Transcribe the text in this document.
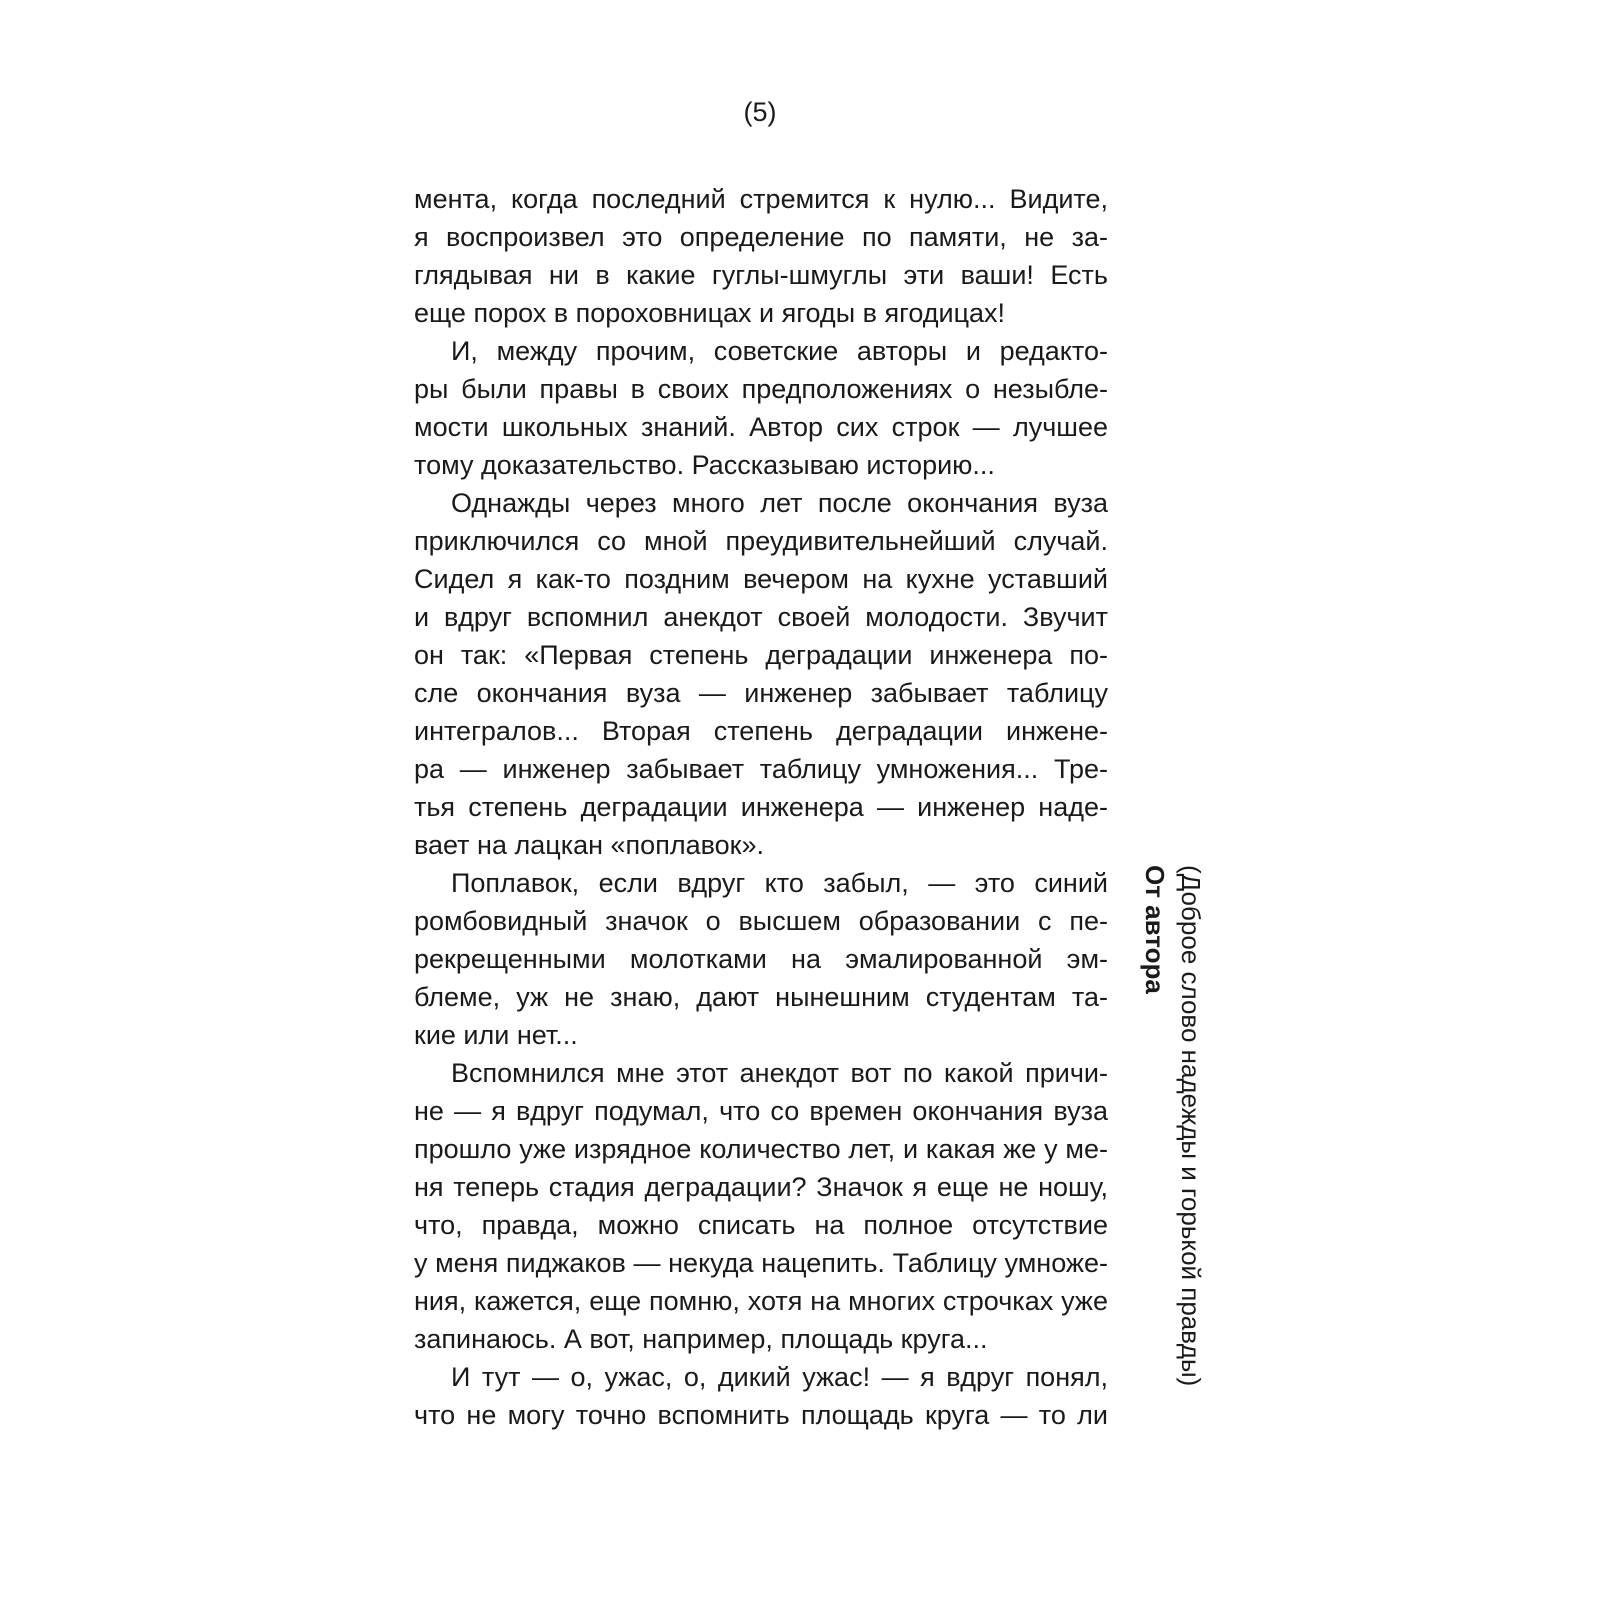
(5)
мента, когда последний стремится к нулю... Видите,
я воспроизвел это определение по памяти, не за-
глядывая ни в какие гуглы-шмуглы эти ваши! Есть
еще порох в пороховницах и ягоды в ягодицах!
И, между прочим, советские авторы и редакто-
ры были правы в своих предположениях о незыбле-
мости школьных знаний. Автор сих строк — лучшее
тому доказательство. Рассказываю историю...
Однажды через много лет после окончания вуза
приключился со мной преудивительнейший случай.
Сидел я как-то поздним вечером на кухне уставший
и вдруг вспомнил анекдот своей молодости. Звучит
он так: «Первая степень деградации инженера по-
сле окончания вуза — инженер забывает таблицу
интегралов... Вторая степень деградации инжене-
ра — инженер забывает таблицу умножения... Тре-
тья степень деградации инженера — инженер наде-
вает на лацкан «поплавок».
Поплавок, если вдруг кто забыл, — это синий
ромбовидный значок о высшем образовании с пе-
рекрещенными молотками на эмалированной эм-
блеме, уж не знаю, дают нынешним студентам та-
кие или нет...
Вспомнился мне этот анекдот вот по какой причи-
не — я вдруг подумал, что со времен окончания вуза
прошло уже изрядное количество лет, и какая же у ме-
ня теперь стадия деградации? Значок я еще не ношу,
что, правда, можно списать на полное отсутствие
у меня пиджаков — некуда нацепить. Таблицу умноже-
ния, кажется, еще помню, хотя на многих строчках уже
запинаюсь. А вот, например, площадь круга...
И тут — о, ужас, о, дикий ужас! — я вдруг понял,
что не могу точно вспомнить площадь круга — то ли
(Доброе слово надежды и горькой правды)
От автора
